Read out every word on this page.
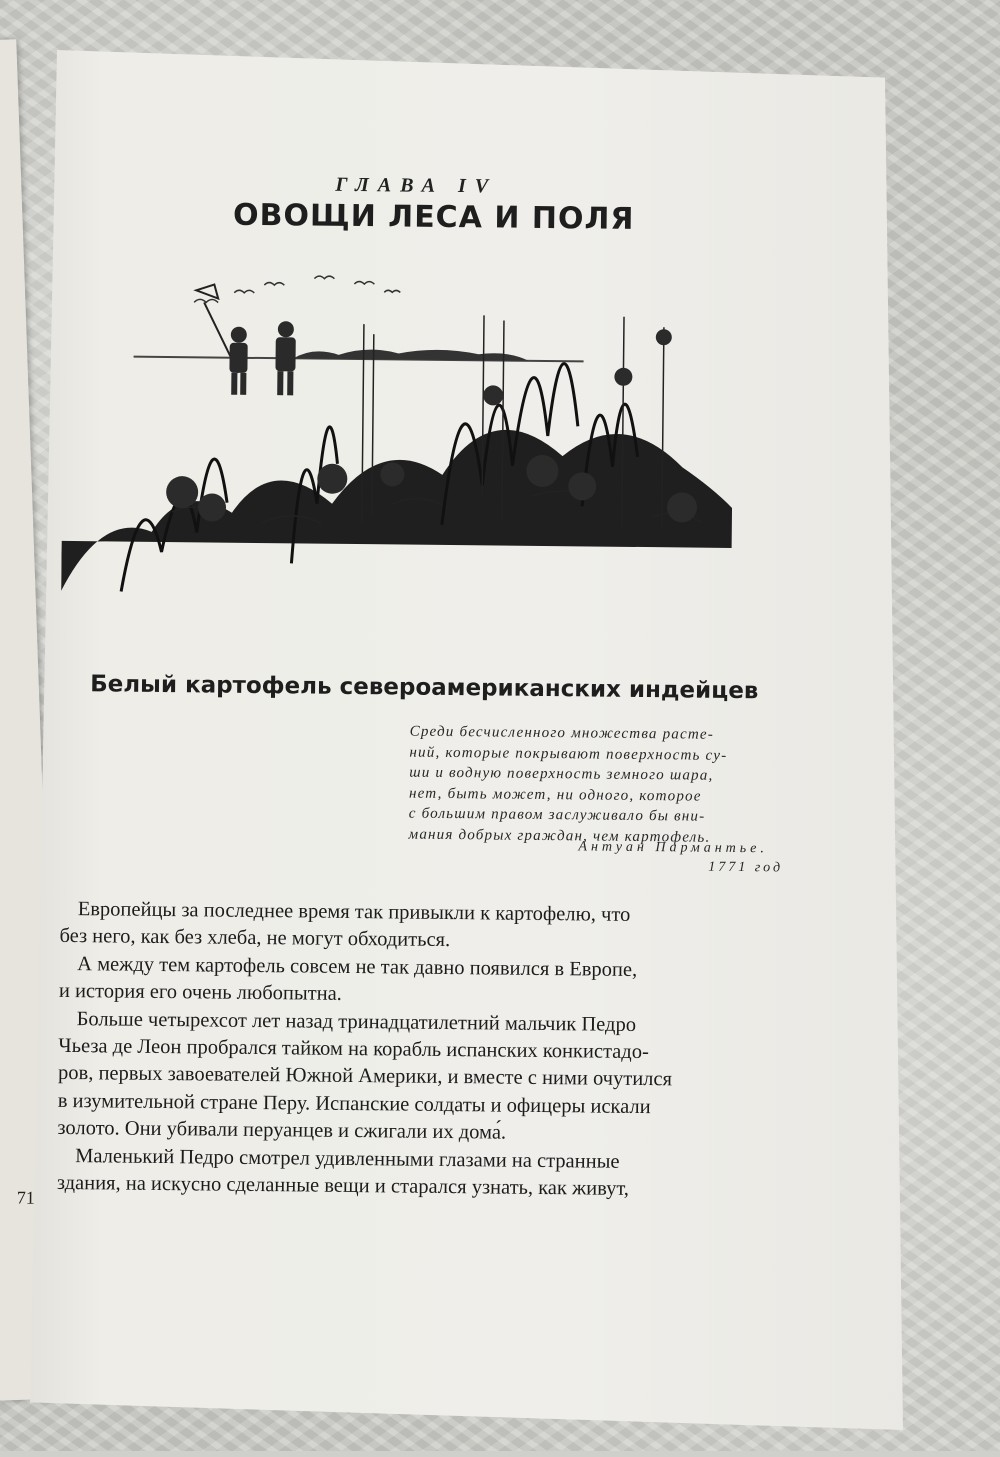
ГЛАВА IV
ОВОЩИ ЛЕСА И ПОЛЯ
Белый картофель североамериканских индейцев
Среди бесчисленного множества расте-
ний, которые покрывают поверхность су-
ши и водную поверхность земного шара,
нет, быть может, ни одного, которое
с большим правом заслуживало бы вни-
мания добрых граждан, чем картофель.
Антуан Пармантье.
1771 год
Европейцы за последнее время так привыкли к картофелю, что
без него, как без хлеба, не могут обходиться.
А между тем картофель совсем не так давно появился в Европе,
и история его очень любопытна.
Больше четырехсот лет назад тринадцатилетний мальчик Педро
Чьеза де Леон пробрался тайком на корабль испанских конкистадо-
ров, первых завоевателей Южной Америки, и вместе с ними очутился
в изумительной стране Перу. Испанские солдаты и офицеры искали
золото. Они убивали перуанцев и сжигали их дома́.
Маленький Педро смотрел удивленными глазами на странные
здания, на искусно сделанные вещи и старался узнать, как живут,
71
